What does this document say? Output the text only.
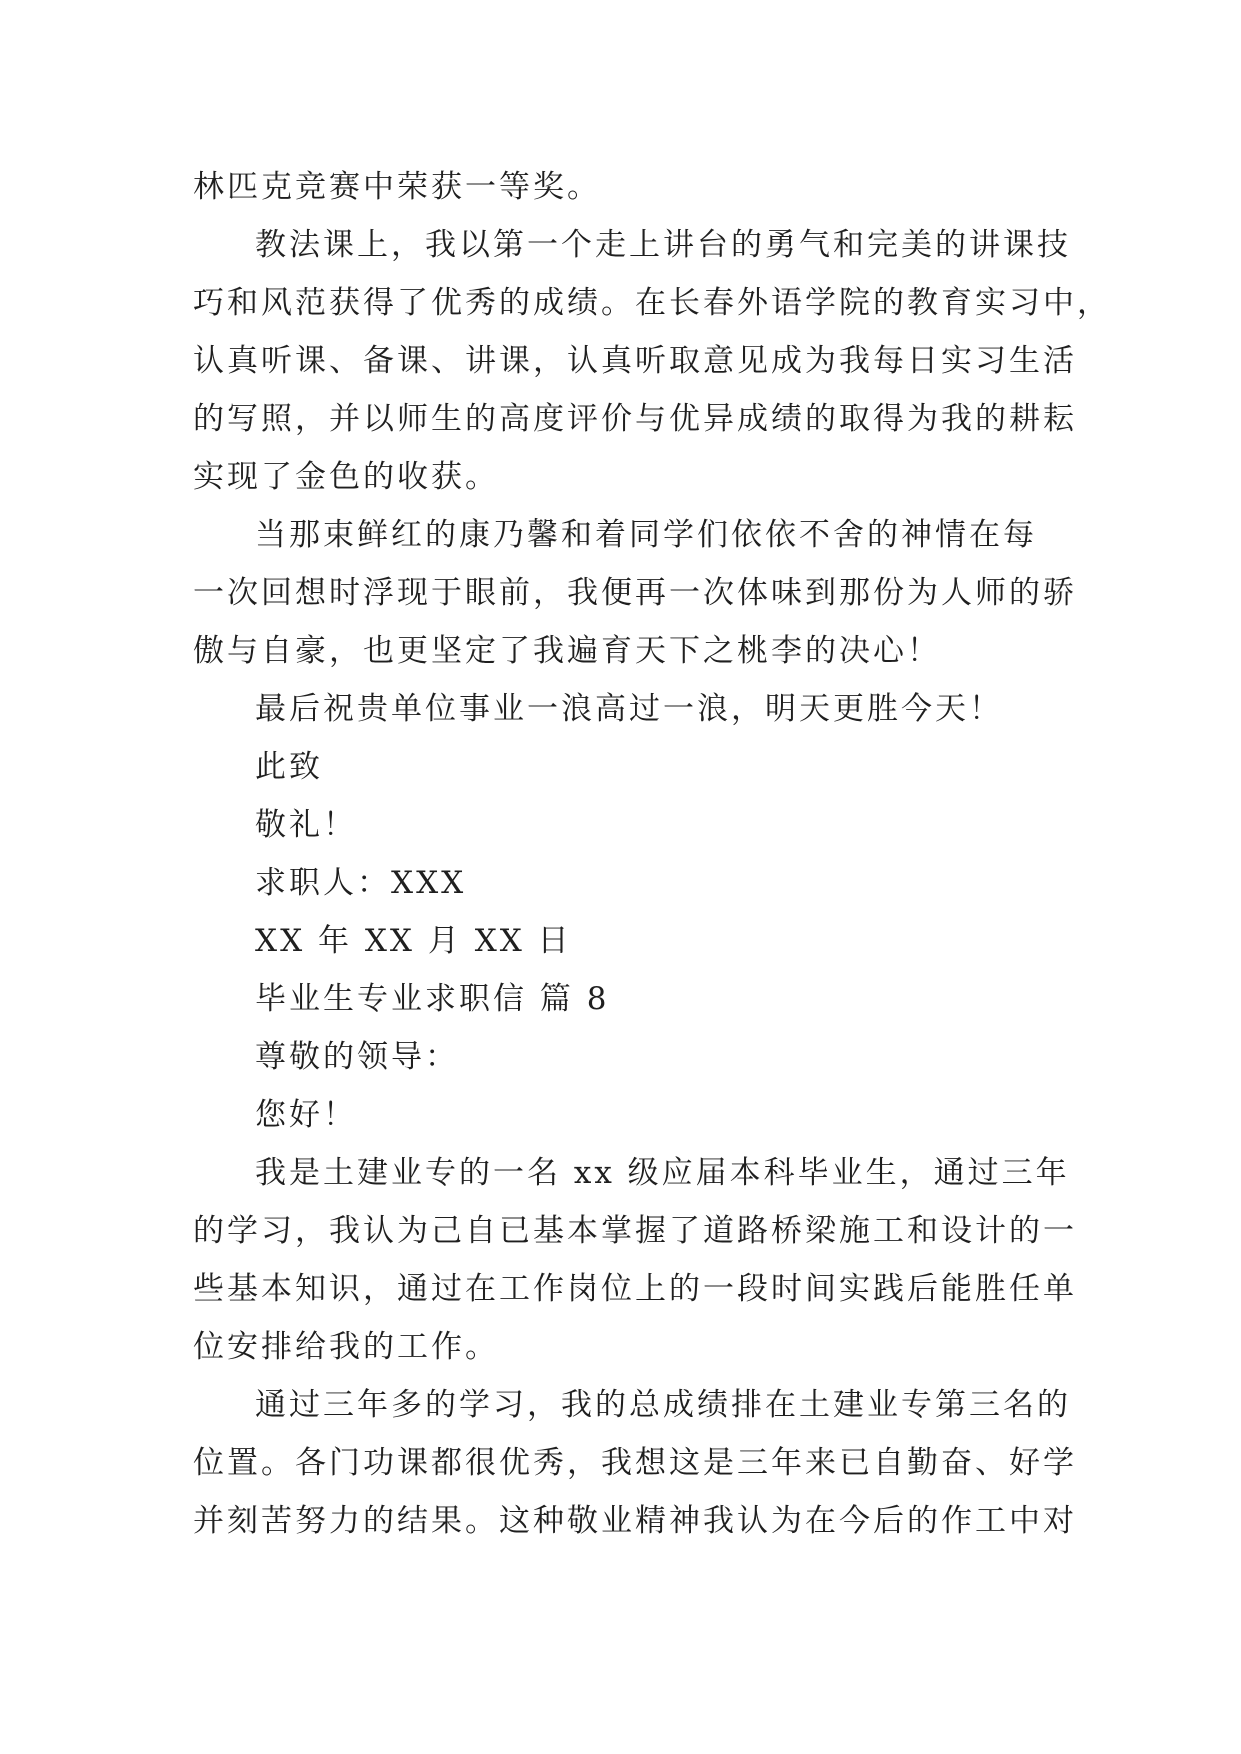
林匹克竞赛中荣获一等奖。
教法课上，我以第一个走上讲台的勇气和完美的讲课技
巧和风范获得了优秀的成绩。在长春外语学院的教育实习中，
认真听课、备课、讲课，认真听取意见成为我每日实习生活
的写照，并以师生的高度评价与优异成绩的取得为我的耕耘
实现了金色的收获。
当那束鲜红的康乃馨和着同学们依依不舍的神情在每
一次回想时浮现于眼前，我便再一次体味到那份为人师的骄
傲与自豪，也更坚定了我遍育天下之桃李的决心！
最后祝贵单位事业一浪高过一浪，明天更胜今天！
此致
敬礼！
求职人：XXX
XX 年 XX 月 XX 日
毕业生专业求职信 篇 8
尊敬的领导：
您好！
我是土建业专的一名 xx 级应届本科毕业生，通过三年
的学习，我认为己自已基本掌握了道路桥梁施工和设计的一
些基本知识，通过在工作岗位上的一段时间实践后能胜任单
位安排给我的工作。
通过三年多的学习，我的总成绩排在土建业专第三名的
位置。各门功课都很优秀，我想这是三年来已自勤奋、好学
并刻苦努力的结果。这种敬业精神我认为在今后的作工中对
